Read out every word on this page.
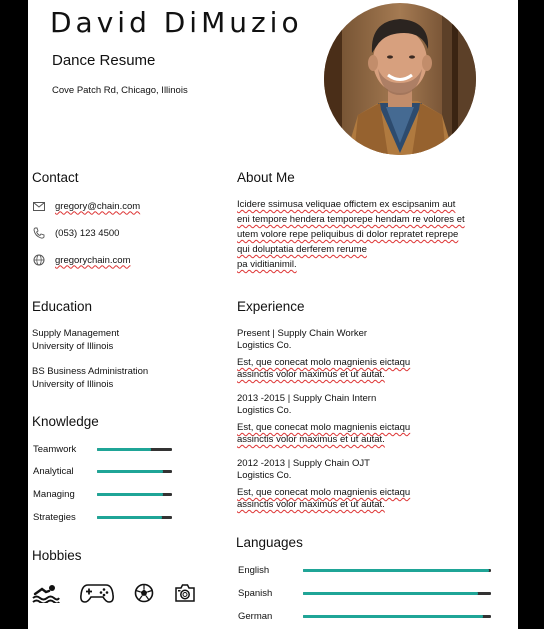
David DiMuzio
Dance Resume
Cove Patch Rd, Chicago, Illinois
Contact
gregory@chain.com
(053) 123 4500
gregorychain.com
About Me
Icidere ssimusa veliquae offictem ex escipsanim aut
eni tempore hendera temporepe hendam re volores et
utem volore repe peliquibus di dolor repratet reprepe
qui doluptatia derferem rerume
pa viditianimil.
Education
Supply Management
University of Illinois
BS Business Administration
University of Illinois
Experience
Present | Supply Chain Worker
Logistics Co.
Est, que conecat molo magnienis eictaqu
assinctis volor maximus et ut autat.
2013 -2015 | Supply Chain Intern
Logistics Co.
Est, que conecat molo magnienis eictaqu
assinctis volor maximus et ut autat.
2012 -2013 | Supply Chain OJT
Logistics Co.
Est, que conecat molo magnienis eictaqu
assinctis volor maximus et ut autat.
Knowledge
Teamwork
Analytical
Managing
Strategies
Hobbies
Languages
English
Spanish
German
